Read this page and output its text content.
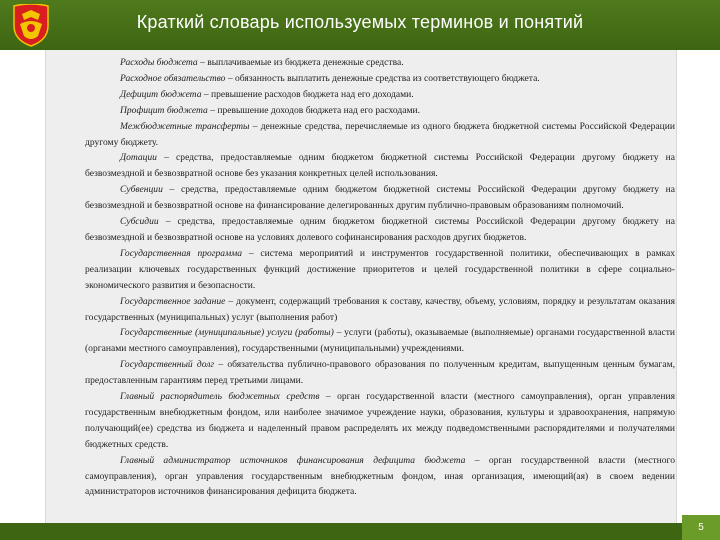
Краткий словарь используемых терминов и понятий

Расходы бюджета – выплачиваемые из бюджета денежные средства.

Расходное обязательство – обязанность выплатить денежные средства из соответствующего бюджета.

Дефицит бюджета – превышение расходов бюджета над его доходами.

Профицит бюджета – превышение доходов бюджета над его расходами.

Межбюджетные трансферты – денежные средства, перечисляемые из одного бюджета бюджетной системы Российской Федерации другому бюджету.

Дотации – средства, предоставляемые одним бюджетом бюджетной системы Российской Федерации другому бюджету на безвозмездной и безвозвратной основе без указания конкретных целей использования.

Субвенции – средства, предоставляемые одним бюджетом бюджетной системы Российской Федерации другому бюджету на безвозмездной и безвозвратной основе на финансирование делегированных другим публично-правовым образованиям полномочий.

Субсидии – средства, предоставляемые одним бюджетом бюджетной системы Российской Федерации другому бюджету на безвозмездной и безвозвратной основе на условиях долевого софинансирования расходов других бюджетов.

Государственная программа – система мероприятий и инструментов государственной политики, обеспечивающих в рамках реализации ключевых государственных функций достижение приоритетов и целей государственной политики в сфере социально-экономического развития и безопасности.

Государственное задание – документ, содержащий требования к составу, качеству, объему, условиям, порядку и результатам оказания государственных (муниципальных) услуг (выполнения работ)

Государственные (муниципальные) услуги (работы) – услуги (работы), оказываемые (выполняемые) органами государственной власти (органами местного самоуправления), государственными (муниципальными) учреждениями.

Государственный долг – обязательства публично-правового образования по полученным кредитам, выпущенным ценным бумагам, предоставленным гарантиям перед третьими лицами.

Главный распорядитель бюджетных средств – орган государственной власти (местного самоуправления), орган управления государственным внебюджетным фондом, или наиболее значимое учреждение науки, образования, культуры и здравоохранения, напрямую получающий(ее) средства из бюджета и наделенный правом распределять их между подведомственными распорядителями и получателями бюджетных средств.

Главный администратор источников финансирования дефицита бюджета – орган государственной власти (местного самоуправления), орган управления государственным внебюджетным фондом, иная организация, имеющий(ая) в своем ведении администраторов источников финансирования дефицита бюджета.

5
